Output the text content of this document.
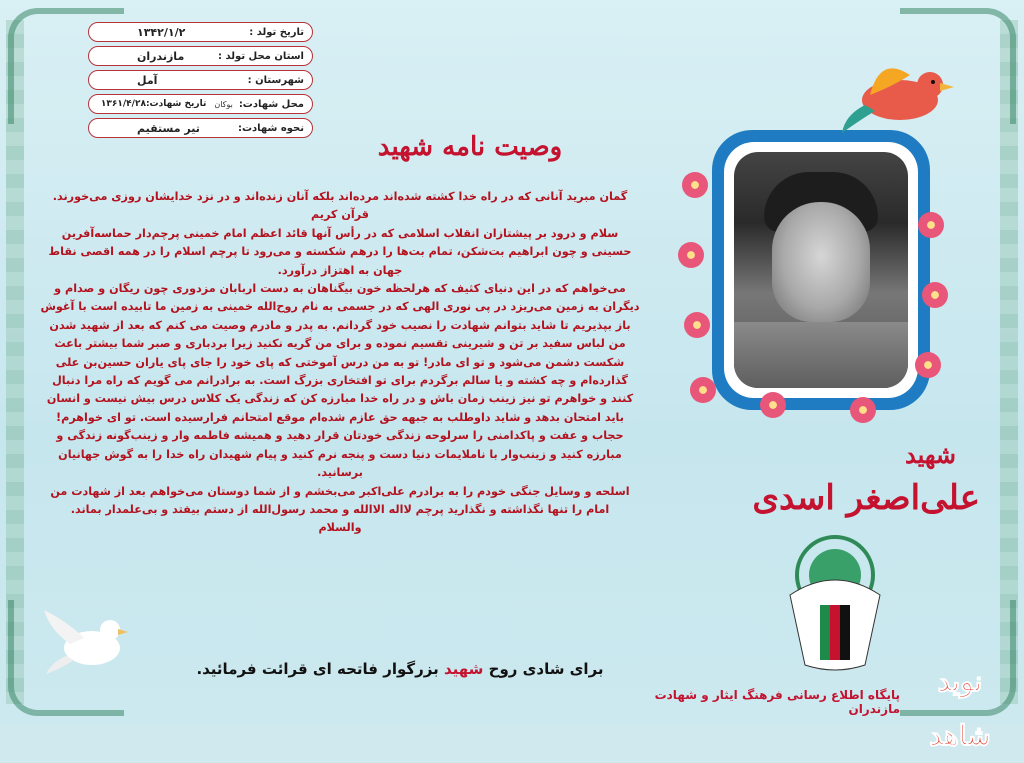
تاریخ تولد :
۱۳۴۲/۱/۲
استان محل تولد :
مازندران
شهرستان :
آمل
محل شهادت:
بوکان
تاریخ شهادت:
۱۳۶۱/۴/۲۸
نحوه شهادت:
تیر مستقیم
وصیت نامه شهید

گمان مبرید آنانی که در راه خدا کشته شده‌اند مرده‌اند بلکه آنان زنده‌اند و در نزد خدایشان روزی می‌خورند.

قرآن کریم

سلام و درود بر پیشتازان انقلاب اسلامی که در رأس آنها قائد اعظم امام خمینی پرچم‌دار حماسه‌آفرین حسینی و چون ابراهیم بت‌شکن، تمام بت‌ها را درهم شکسته و می‌رود تا پرچم اسلام را در همه اقصی نقاط جهان به اهتزاز درآورد.

می‌خواهم که در این دنیای کثیف که هرلحظه خون بیگناهان به دست اربابان مزدوری چون ریگان و صدام و دیگران به زمین می‌ریزد در پی نوری الهی که در جسمی به نام روح‌الله خمینی به زمین ما تابیده است با آغوش باز بپذیریم تا شاید بتوانم شهادت را نصیب خود گردانم. به پدر و مادرم وصیت می کنم که بعد از شهید شدن من لباس سفید بر تن و شیرینی تقسیم نموده و برای من گریه نکنید زیرا بردباری و صبر شما بیشتر باعث شکست دشمن می‌شود و تو ای مادر! تو به من درس آموختی که پای خود را جای پای یاران حسین‌بن علی گذارده‌ام و چه کشته و یا سالم برگردم برای تو افتخاری بزرگ است. به برادرانم می گویم که راه مرا دنبال کنند و خواهرم تو نیز زینب زمان باش و در راه خدا مبارزه کن که زندگی یک کلاس درس بیش نیست و انسان باید امتحان بدهد و شاید داوطلب به جبهه حق عازم شده‌ام موقع امتحانم فرارسیده است. تو ای خواهرم! حجاب و عفت و پاکدامنی را سرلوحه زندگی خودتان قرار دهید و همیشه فاطمه وار و زینب‌گونه زندگی و مبارزه کنید و زینب‌وار با ناملایمات دنیا دست و پنجه نرم کنید و پیام شهیدان راه خدا را به گوش جهانیان برسانید.

اسلحه و وسایل جنگی خودم را به برادرم علی‌اکبر می‌بخشم و از شما دوستان می‌خواهم بعد از شهادت من امام را تنها نگذاشته و نگذارید پرچم لااله الاالله و محمد رسول‌الله از دستم بیفتد و بی‌علمدار بماند.

والسلام

برای شادی روح شهید بزرگوار فاتحه ای قرائت فرمائید.
شهید
علی‌اصغر اسدی
پایگاه اطلاع رسانی فرهنگ ایثار و شهادت مازندران
نوید شاهد
